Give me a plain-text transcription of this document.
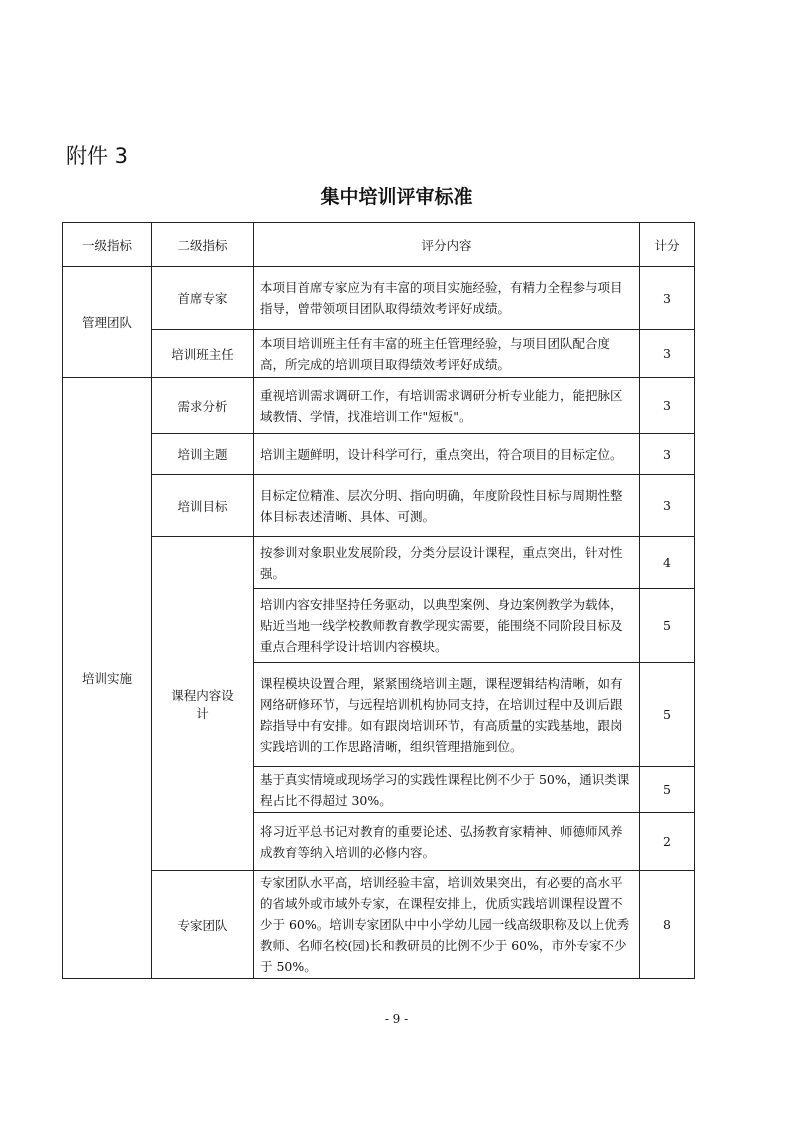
附件 3
集中培训评审标准
一级指标	二级指标	评分内容	计分
管理团队	首席专家	本项目首席专家应为有丰富的项目实施经验，有精力全程参与项目指导，曾带领项目团队取得绩效考评好成绩。	3
	培训班主任	本项目培训班主任有丰富的班主任管理经验，与项目团队配合度高，所完成的培训项目取得绩效考评好成绩。	3
培训实施	需求分析	重视培训需求调研工作，有培训需求调研分析专业能力，能把脉区域教情、学情，找准培训工作"短板"。	3
	培训主题	培训主题鲜明，设计科学可行，重点突出，符合项目的目标定位。	3
	培训目标	目标定位精准、层次分明、指向明确，年度阶段性目标与周期性整体目标表述清晰、具体、可测。	3
	课程内容设计	按参训对象职业发展阶段，分类分层设计课程，重点突出，针对性强。	4
		培训内容安排坚持任务驱动，以典型案例、身边案例教学为载体，贴近当地一线学校教师教育教学现实需要，能围绕不同阶段目标及重点合理科学设计培训内容模块。	5
		课程模块设置合理，紧紧围绕培训主题，课程逻辑结构清晰，如有网络研修环节，与远程培训机构协同支持，在培训过程中及训后跟踪指导中有安排。如有跟岗培训环节，有高质量的实践基地，跟岗实践培训的工作思路清晰，组织管理措施到位。	5
		基于真实情境或现场学习的实践性课程比例不少于 50%，通识类课程占比不得超过 30%。	5
		将习近平总书记对教育的重要论述、弘扬教育家精神、师德师风养成教育等纳入培训的必修内容。	2
	专家团队	专家团队水平高，培训经验丰富，培训效果突出，有必要的高水平的省域外或市域外专家，在课程安排上，优质实践培训课程设置不少于 60%。培训专家团队中中小学幼儿园一线高级职称及以上优秀教师、名师名校(园)长和教研员的比例不少于 60%，市外专家不少于 50%。	8
- 9 -
